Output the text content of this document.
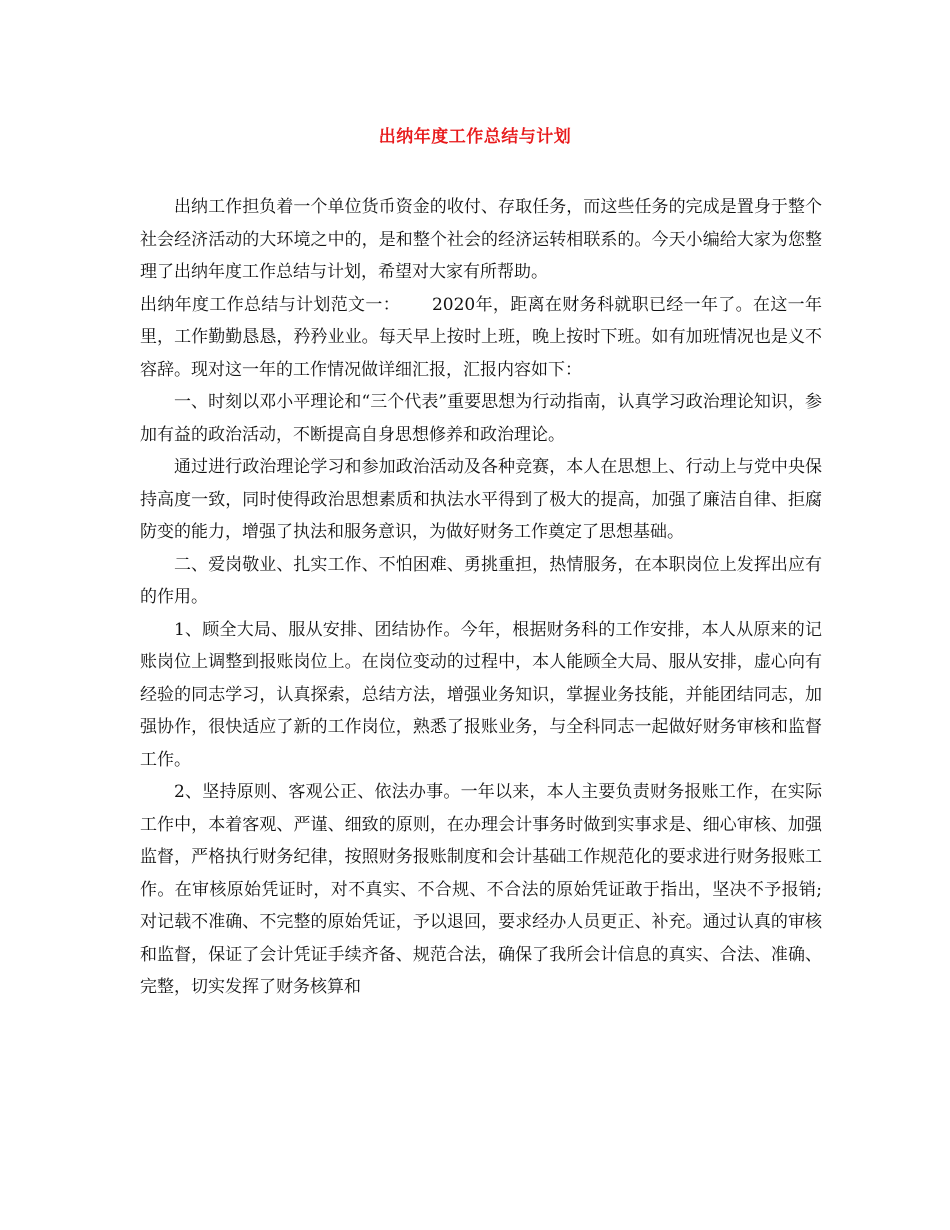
出纳年度工作总结与计划

出纳工作担负着一个单位货币资金的收付、存取任务，而这些任务的完成是置身于整个社会经济活动的大环境之中的，是和整个社会的经济运转相联系的。今天小编给大家为您整理了出纳年度工作总结与计划，希望对大家有所帮助。

出纳年度工作总结与计划范文一：　　 2020年，距离在财务科就职已经一年了。在这一年里，工作勤勤恳恳，矜矜业业。每天早上按时上班，晚上按时下班。如有加班情况也是义不容辞。现对这一年的工作情况做详细汇报，汇报内容如下：

一、时刻以邓小平理论和“三个代表”重要思想为行动指南，认真学习政治理论知识，参加有益的政治活动，不断提高自身思想修养和政治理论。

通过进行政治理论学习和参加政治活动及各种竞赛，本人在思想上、行动上与党中央保持高度一致，同时使得政治思想素质和执法水平得到了极大的提高，加强了廉洁自律、拒腐防变的能力，增强了执法和服务意识，为做好财务工作奠定了思想基础。

二、爱岗敬业、扎实工作、不怕困难、勇挑重担，热情服务，在本职岗位上发挥出应有的作用。

1、顾全大局、服从安排、团结协作。今年，根据财务科的工作安排，本人从原来的记账岗位上调整到报账岗位上。在岗位变动的过程中，本人能顾全大局、服从安排，虚心向有经验的同志学习，认真探索，总结方法，增强业务知识，掌握业务技能，并能团结同志，加强协作，很快适应了新的工作岗位，熟悉了报账业务，与全科同志一起做好财务审核和监督工作。

2、坚持原则、客观公正、依法办事。一年以来，本人主要负责财务报账工作，在实际工作中，本着客观、严谨、细致的原则，在办理会计事务时做到实事求是、细心审核、加强监督，严格执行财务纪律，按照财务报账制度和会计基础工作规范化的要求进行财务报账工作。在审核原始凭证时，对不真实、不合规、不合法的原始凭证敢于指出，坚决不予报销;对记载不准确、不完整的原始凭证，予以退回，要求经办人员更正、补充。通过认真的审核和监督，保证了会计凭证手续齐备、规范合法，确保了我所会计信息的真实、合法、准确、完整，切实发挥了财务核算和
